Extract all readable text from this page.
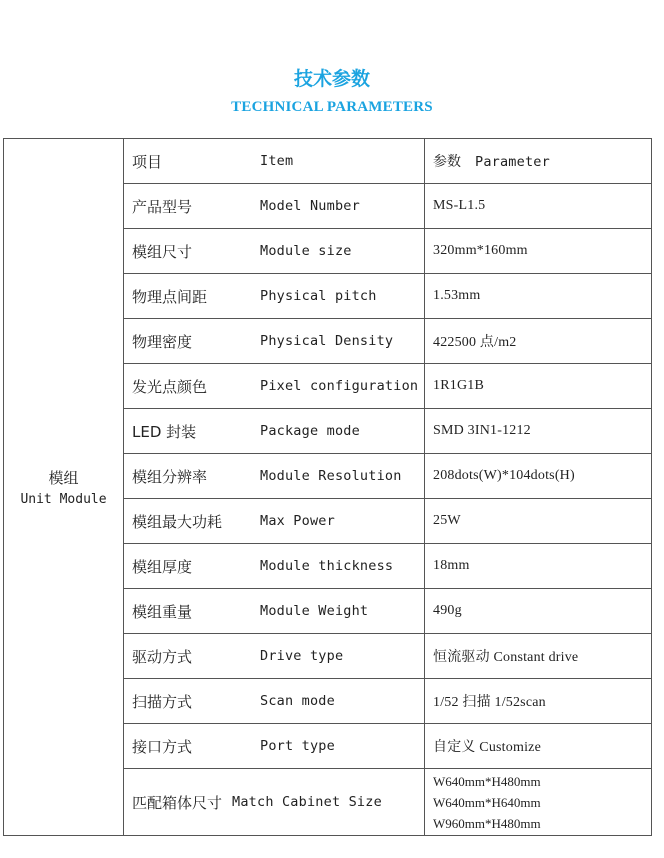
技术参数
TECHNICAL PARAMETERS
模组
Unit Module	项目 Item	参数 Parameter

	产品型号 Model Number	MS-L1.5

	模组尺寸 Module size	320mm*160mm

	物理点间距 Physical pitch	1.53mm

	物理密度 Physical Density	422500 点/m2

	发光点颜色 Pixel configuration	1R1G1B

	LED 封装 Package mode	SMD 3IN1-1212

	模组分辨率 Module Resolution	208dots(W)*104dots(H)

	模组最大功耗 Max Power	25W

	模组厚度 Module thickness	18mm

	模组重量 Module Weight	490g

	驱动方式 Drive type	恒流驱动 Constant drive

	扫描方式 Scan mode	1/52 扫描 1/52scan

	接口方式 Port type	自定义 Customize

	匹配箱体尺寸 Match Cabinet Size	W640mm*H480mm
W640mm*H640mm
W960mm*H480mm
